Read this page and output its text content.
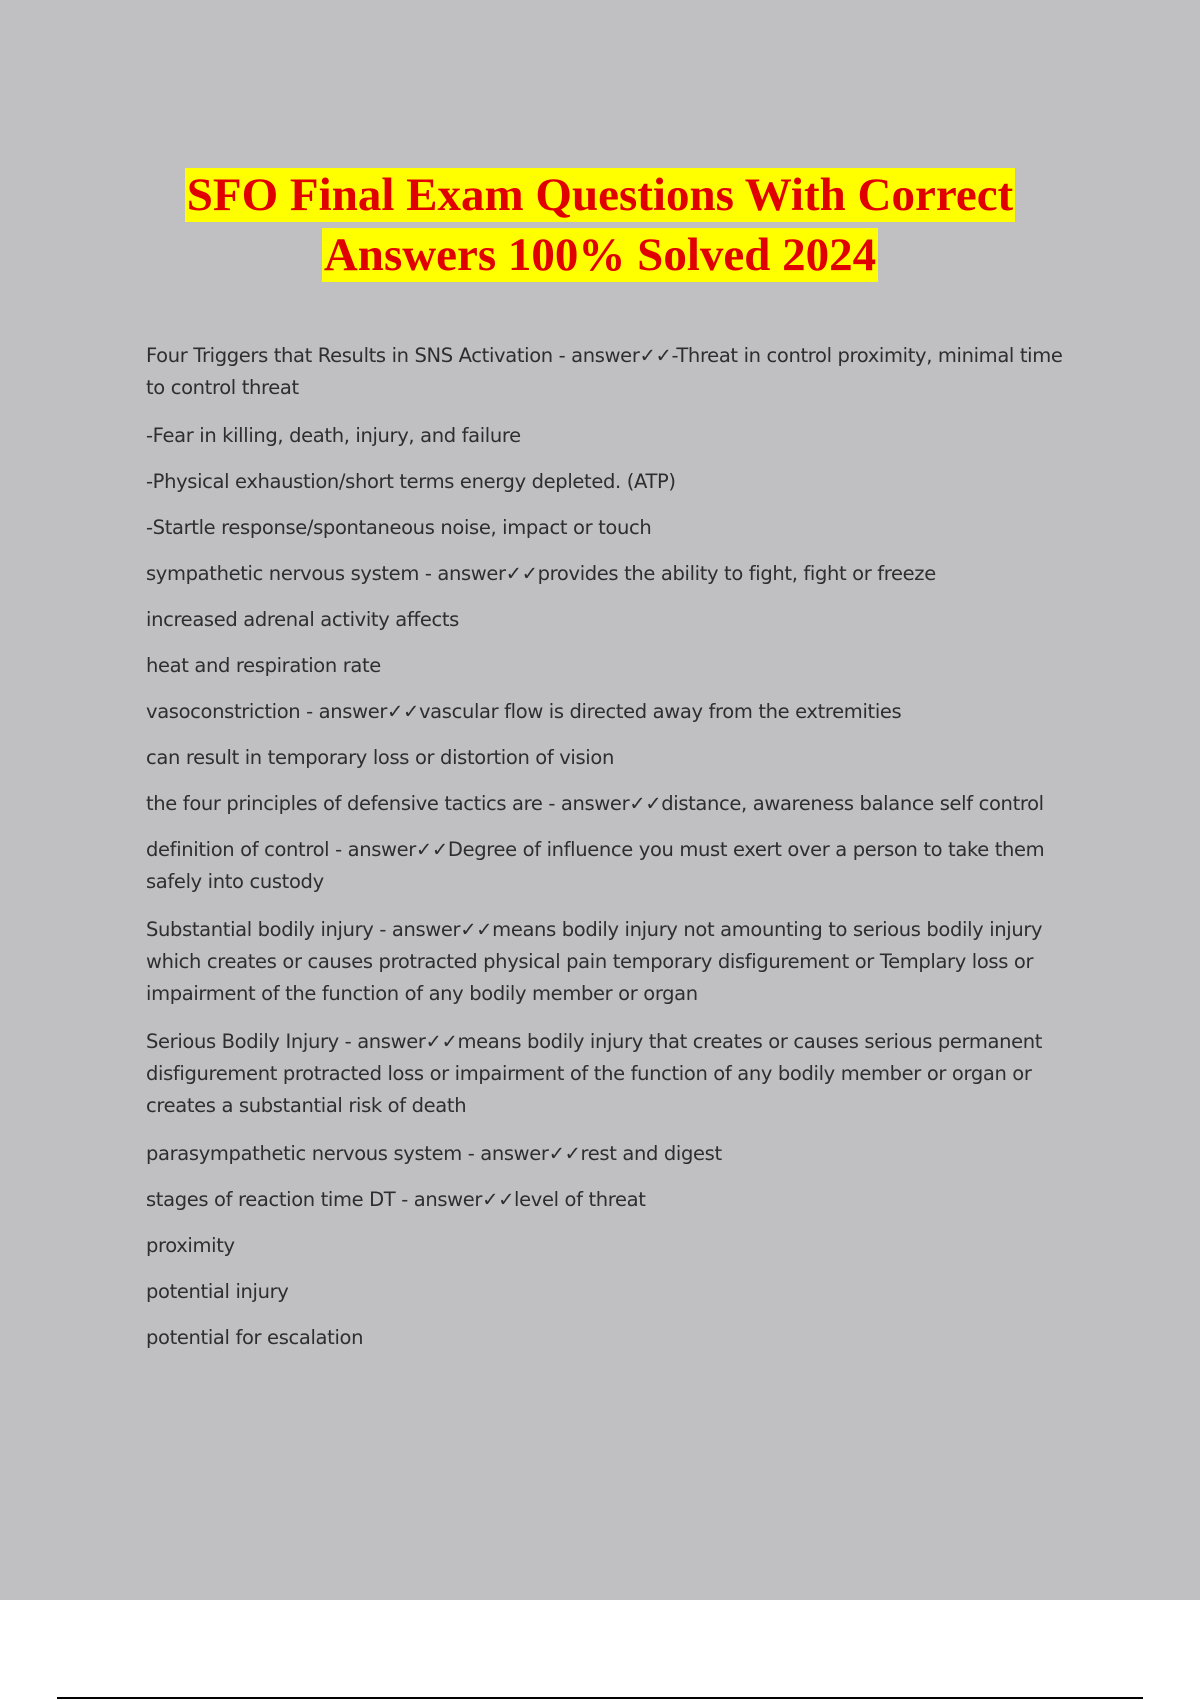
SFO Final Exam Questions With Correct
Answers 100% Solved 2024

Four Triggers that Results in SNS Activation - answer✓✓-Threat in control proximity, minimal time to control threat

-Fear in killing, death, injury, and failure

-Physical exhaustion/short terms energy depleted. (ATP)

-Startle response/spontaneous noise, impact or touch

sympathetic nervous system - answer✓✓provides the ability to fight, fight or freeze

increased adrenal activity affects

heat and respiration rate

vasoconstriction - answer✓✓vascular flow is directed away from the extremities

can result in temporary loss or distortion of vision

the four principles of defensive tactics are - answer✓✓distance, awareness balance self control

definition of control - answer✓✓Degree of influence you must exert over a person to take them safely into custody

Substantial bodily injury - answer✓✓means bodily injury not amounting to serious bodily injury which creates or causes protracted physical pain temporary disfigurement or Templary loss or impairment of the function of any bodily member or organ

Serious Bodily Injury - answer✓✓means bodily injury that creates or causes serious permanent disfigurement protracted loss or impairment of the function of any bodily member or organ or creates a substantial risk of death

parasympathetic nervous system - answer✓✓rest and digest

stages of reaction time DT - answer✓✓level of threat

proximity

potential injury

potential for escalation
